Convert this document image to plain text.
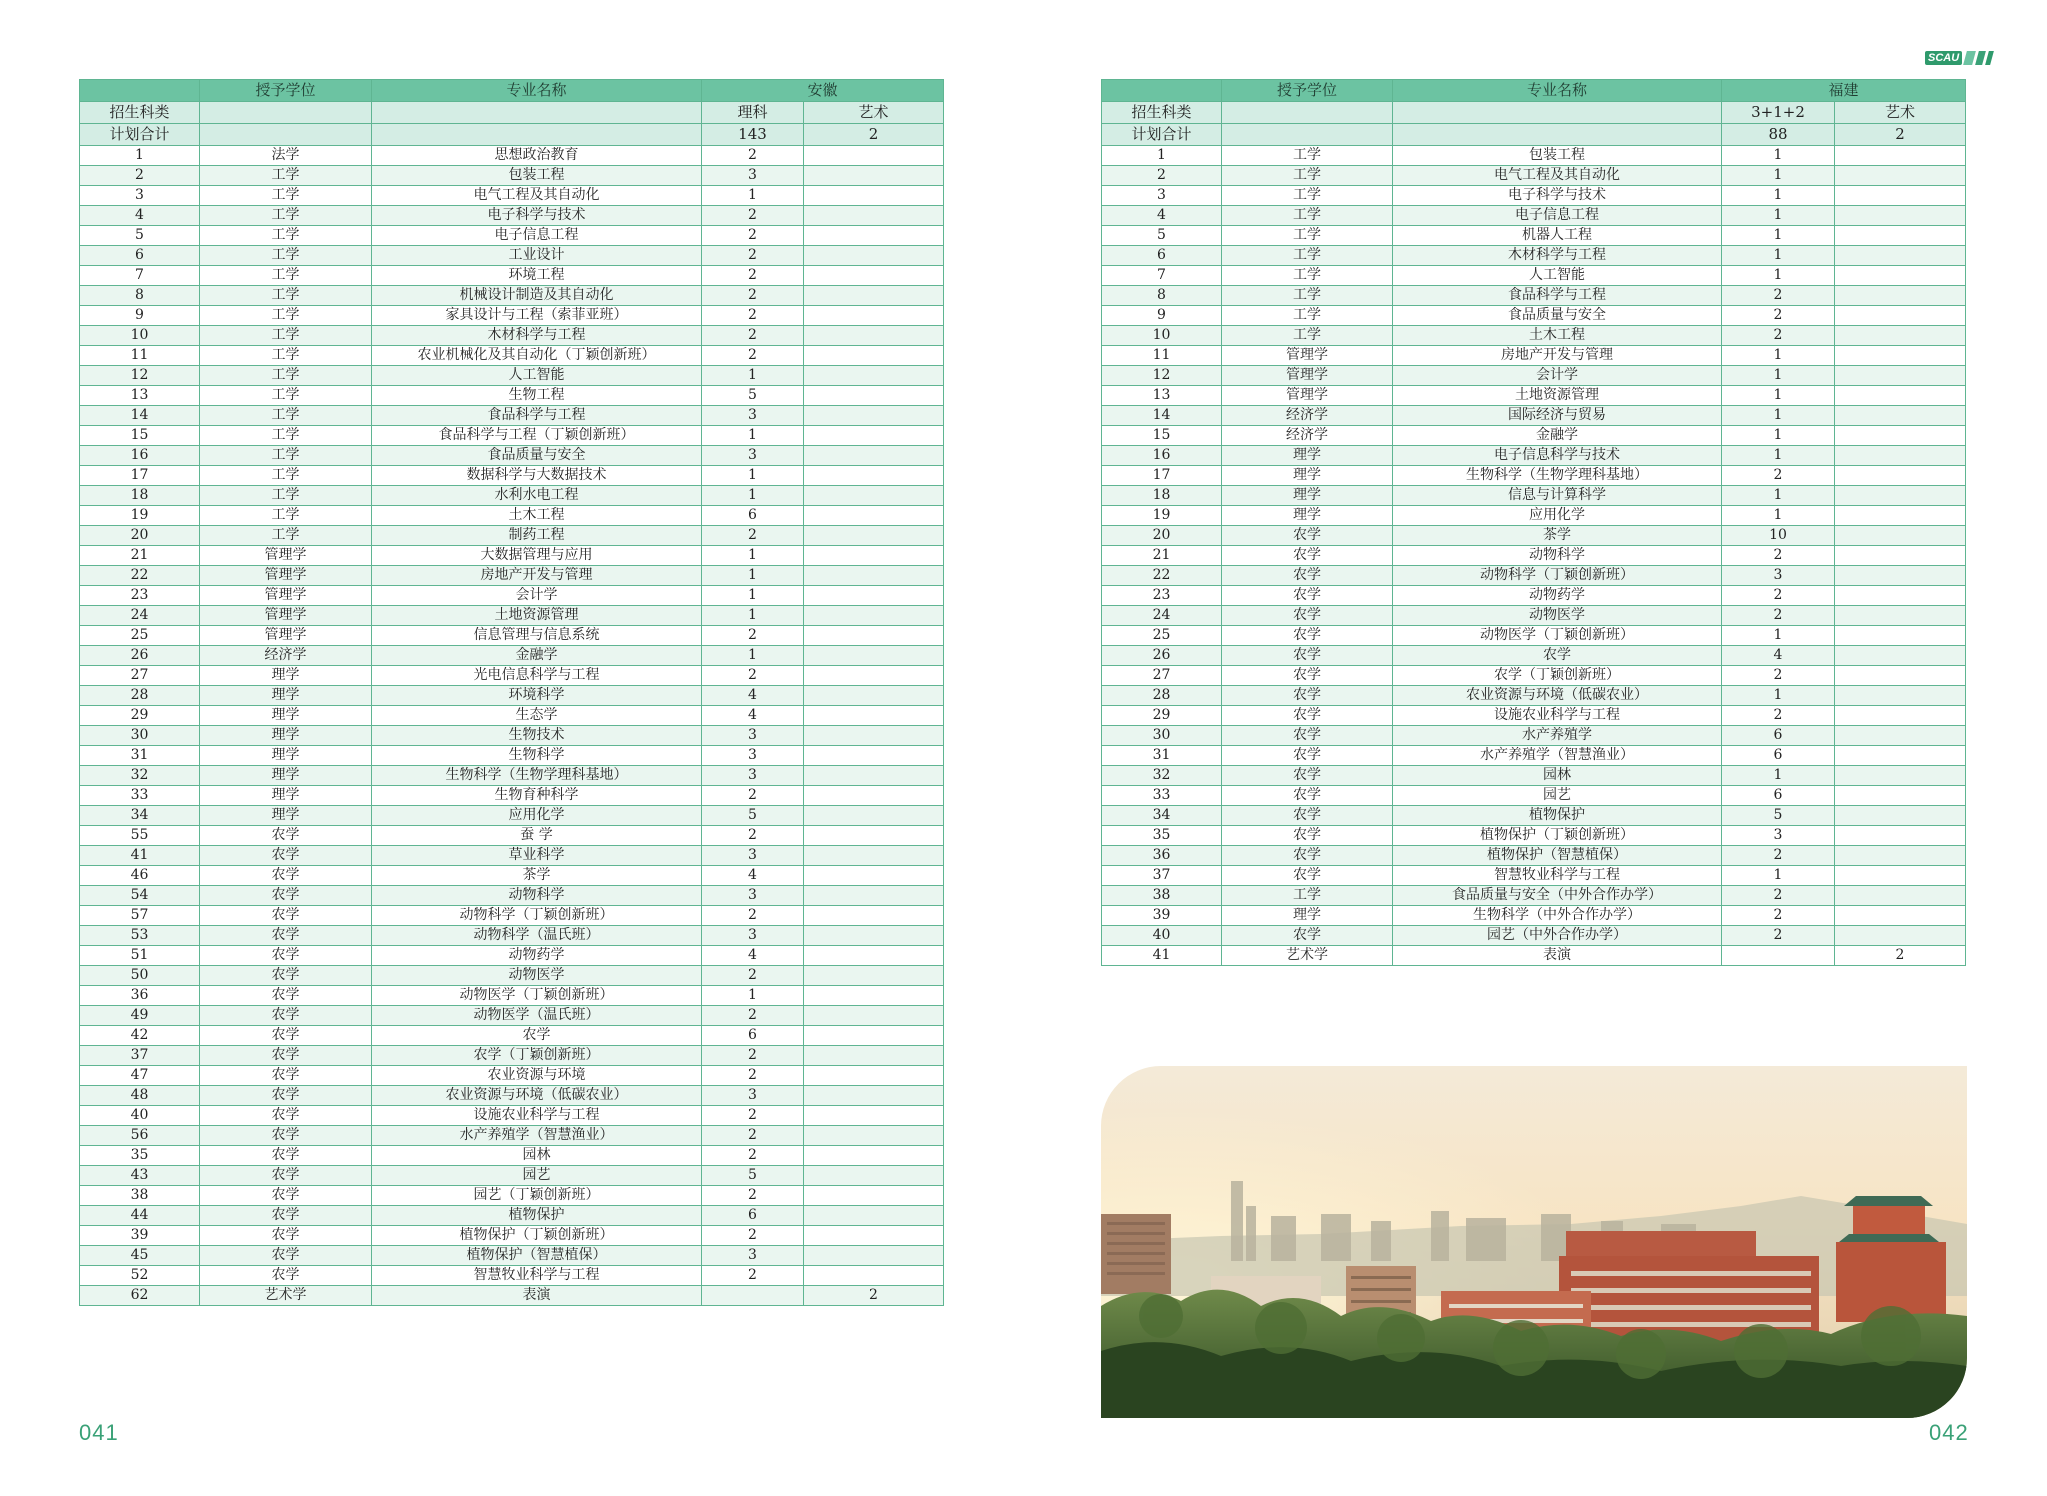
	授予学位	专业名称	安徽	
招生科类			理科	艺术
计划合计			143	2
1	法学	思想政治教育	2	
2	工学	包装工程	3	
3	工学	电气工程及其自动化	1	
4	工学	电子科学与技术	2	
5	工学	电子信息工程	2	
6	工学	工业设计	2	
7	工学	环境工程	2	
8	工学	机械设计制造及其自动化	2	
9	工学	家具设计与工程（索菲亚班）	2	
10	工学	木材科学与工程	2	
11	工学	农业机械化及其自动化（丁颖创新班）	2	
12	工学	人工智能	1	
13	工学	生物工程	5	
14	工学	食品科学与工程	3	
15	工学	食品科学与工程（丁颖创新班）	1	
16	工学	食品质量与安全	3	
17	工学	数据科学与大数据技术	1	
18	工学	水利水电工程	1	
19	工学	土木工程	6	
20	工学	制药工程	2	
21	管理学	大数据管理与应用	1	
22	管理学	房地产开发与管理	1	
23	管理学	会计学	1	
24	管理学	土地资源管理	1	
25	管理学	信息管理与信息系统	2	
26	经济学	金融学	1	
27	理学	光电信息科学与工程	2	
28	理学	环境科学	4	
29	理学	生态学	4	
30	理学	生物技术	3	
31	理学	生物科学	3	
32	理学	生物科学（生物学理科基地）	3	
33	理学	生物育种科学	2	
34	理学	应用化学	5	
55	农学	蚕 学	2	
41	农学	草业科学	3	
46	农学	茶学	4	
54	农学	动物科学	3	
57	农学	动物科学（丁颖创新班）	2	
53	农学	动物科学（温氏班）	3	
51	农学	动物药学	4	
50	农学	动物医学	2	
36	农学	动物医学（丁颖创新班）	1	
49	农学	动物医学（温氏班）	2	
42	农学	农学	6	
37	农学	农学（丁颖创新班）	2	
47	农学	农业资源与环境	2	
48	农学	农业资源与环境（低碳农业）	3	
40	农学	设施农业科学与工程	2	
56	农学	水产养殖学（智慧渔业）	2	
35	农学	园林	2	
43	农学	园艺	5	
38	农学	园艺（丁颖创新班）	2	
44	农学	植物保护	6	
39	农学	植物保护（丁颖创新班）	2	
45	农学	植物保护（智慧植保）	3	
52	农学	智慧牧业科学与工程	2	
62	艺术学	表演		2
	授予学位	专业名称	福建	
招生科类			3+1+2	艺术
计划合计			88	2
1	工学	包装工程	1	
2	工学	电气工程及其自动化	1	
3	工学	电子科学与技术	1	
4	工学	电子信息工程	1	
5	工学	机器人工程	1	
6	工学	木材科学与工程	1	
7	工学	人工智能	1	
8	工学	食品科学与工程	2	
9	工学	食品质量与安全	2	
10	工学	土木工程	2	
11	管理学	房地产开发与管理	1	
12	管理学	会计学	1	
13	管理学	土地资源管理	1	
14	经济学	国际经济与贸易	1	
15	经济学	金融学	1	
16	理学	电子信息科学与技术	1	
17	理学	生物科学（生物学理科基地）	2	
18	理学	信息与计算科学	1	
19	理学	应用化学	1	
20	农学	茶学	10	
21	农学	动物科学	2	
22	农学	动物科学（丁颖创新班）	3	
23	农学	动物药学	2	
24	农学	动物医学	2	
25	农学	动物医学（丁颖创新班）	1	
26	农学	农学	4	
27	农学	农学（丁颖创新班）	2	
28	农学	农业资源与环境（低碳农业）	1	
29	农学	设施农业科学与工程	2	
30	农学	水产养殖学	6	
31	农学	水产养殖学（智慧渔业）	6	
32	农学	园林	1	
33	农学	园艺	6	
34	农学	植物保护	5	
35	农学	植物保护（丁颖创新班）	3	
36	农学	植物保护（智慧植保）	2	
37	农学	智慧牧业科学与工程	1	
38	工学	食品质量与安全（中外合作办学）	2	
39	理学	生物科学（中外合作办学）	2	
40	农学	园艺（中外合作办学）	2	
41	艺术学	表演		2
SCAU
041	042
